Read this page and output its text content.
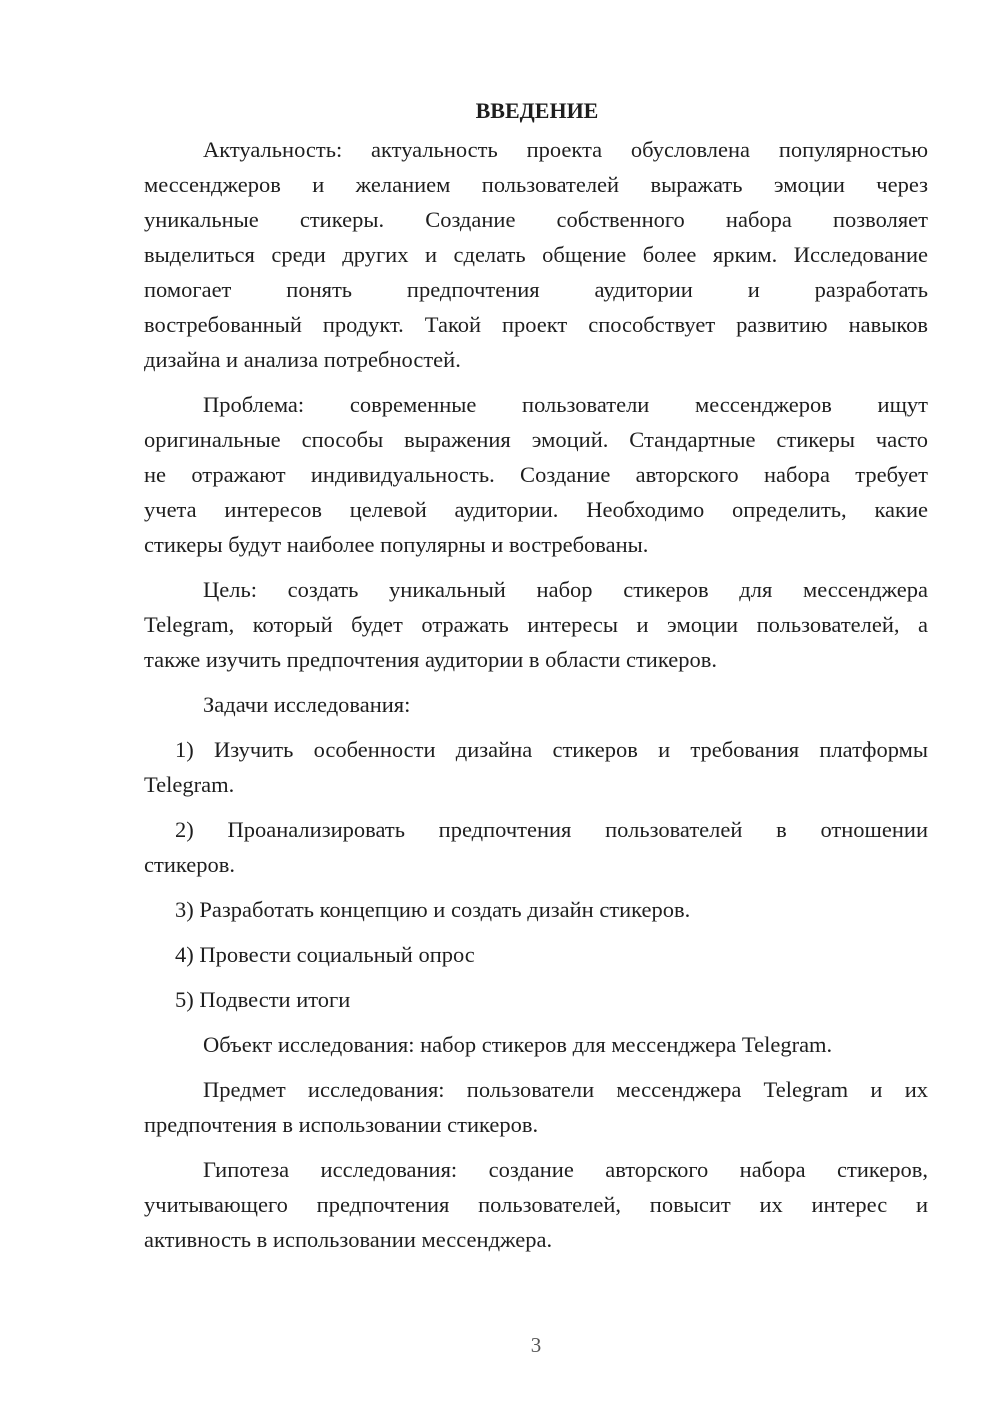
ВВЕДЕНИЕ
Актуальность: актуальность проекта обусловлена популярностью
мессенджеров и желанием пользователей выражать эмоции через
уникальные стикеры. Создание собственного набора позволяет
выделиться среди других и сделать общение более ярким. Исследование
помогает понять предпочтения аудитории и разработать
востребованный продукт. Такой проект способствует развитию навыков
дизайна и анализа потребностей.
Проблема: современные пользователи мессенджеров ищут
оригинальные способы выражения эмоций. Стандартные стикеры часто
не отражают индивидуальность. Создание авторского набора требует
учета интересов целевой аудитории. Необходимо определить, какие
стикеры будут наиболее популярны и востребованы.
Цель: создать уникальный набор стикеров для мессенджера
Telegram, который будет отражать интересы и эмоции пользователей, а
также изучить предпочтения аудитории в области стикеров.
Задачи исследования:
1) Изучить особенности дизайна стикеров и требования платформы
Telegram.
2) Проанализировать предпочтения пользователей в отношении
стикеров.
3) Разработать концепцию и создать дизайн стикеров.
4) Провести социальный опрос
5) Подвести итоги
Объект исследования: набор стикеров для мессенджера Telegram.
Предмет исследования: пользователи мессенджера Telegram и их
предпочтения в использовании стикеров.
Гипотеза исследования: создание авторского набора стикеров,
учитывающего предпочтения пользователей, повысит их интерес и
активность в использовании мессенджера.
3
